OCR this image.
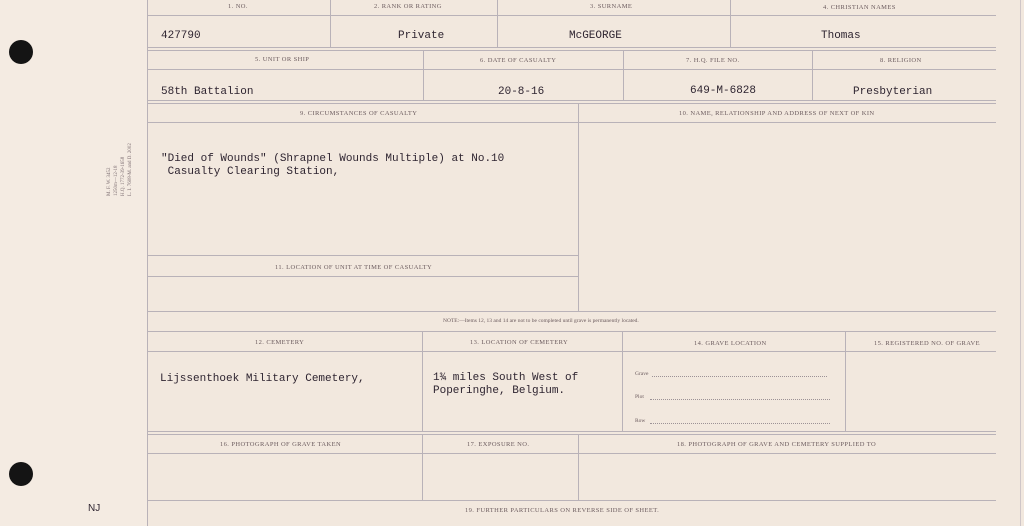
M. F. W. 3452
1250m—12-18
H.Q. 1772-39-1658
L. I. 7608-M. and D. 2002
NJ
1. NO.	2. RANK OR RATING	3. SURNAME	4. CHRISTIAN NAMES
427790	Private	McGEORGE	Thomas
5. UNIT OR SHIP	6. DATE OF CASUALTY	7. H.Q. FILE NO.	8. RELIGION
58th Battalion	20-8-16	649-M-6828	Presbyterian
9. CIRCUMSTANCES OF CASUALTY	10. NAME, RELATIONSHIP AND ADDRESS OF NEXT OF KIN
"Died of Wounds" (Shrapnel Wounds Multiple) at No.10
Casualty Clearing Station,
11. LOCATION OF UNIT AT TIME OF CASUALTY
NOTE:—Items 12, 13 and 14 are not to be completed until grave is permanently located.
12. CEMETERY	13. LOCATION OF CEMETERY	14. GRAVE LOCATION	15. REGISTERED NO. OF GRAVE
Lijssenthoek Military Cemetery,	1¾ miles South West of
Poperinghe, Belgium.
Grave
Plot
Row
16. PHOTOGRAPH OF GRAVE TAKEN	17. EXPOSURE NO.	18. PHOTOGRAPH OF GRAVE AND CEMETERY SUPPLIED TO
19. FURTHER PARTICULARS ON REVERSE SIDE OF SHEET.
